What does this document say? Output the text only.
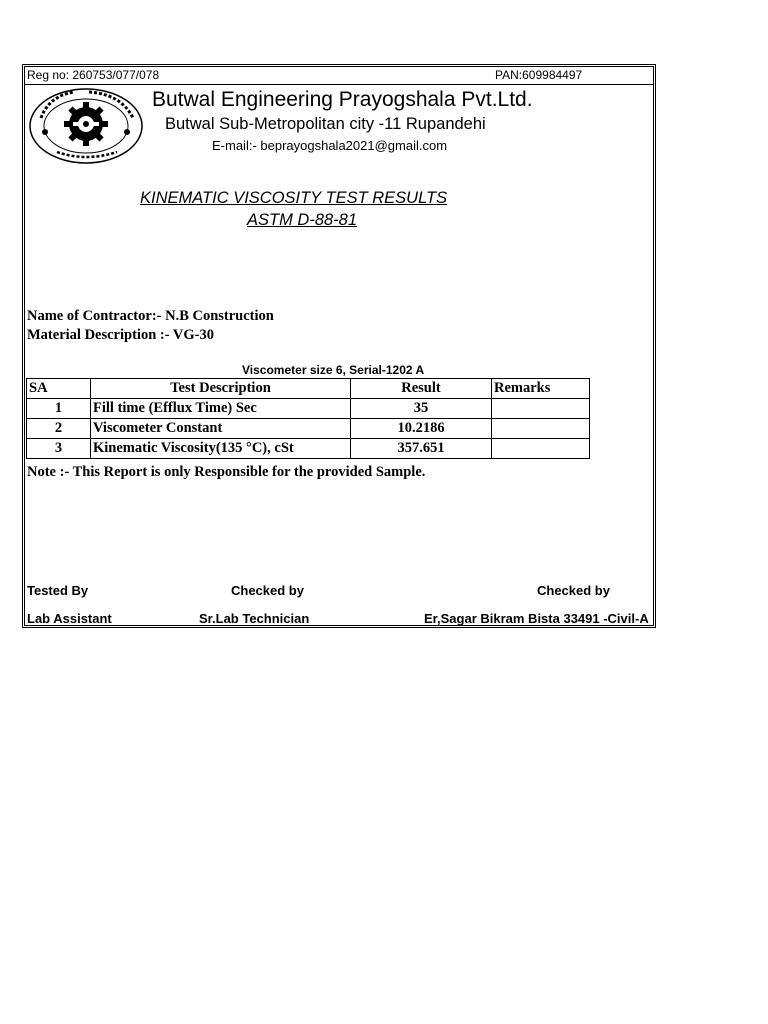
Reg no: 260753/077/078	PAN:609984497
Butwal Engineering Prayogshala Pvt.Ltd.
Butwal Sub-Metropolitan city -11 Rupandehi
E-mail:- beprayogshala2021@gmail.com
KINEMATIC VISCOSITY TEST RESULTS
ASTM D-88-81
Name of Contractor:- N.B Construction
Material Description :- VG-30
Viscometer size 6, Serial-1202 A
SA	Test Description	Result	Remarks
1	Fill time (Efflux Time) Sec	35	
2	Viscometer Constant	10.2186	
3	Kinematic Viscosity(135 °C), cSt	357.651	
Note :- This Report is only Responsible for the provided Sample.
Tested By	Checked by	Checked by
Lab Assistant	Sr.Lab Technician	Er,Sagar Bikram Bista 33491 -Civil-A
